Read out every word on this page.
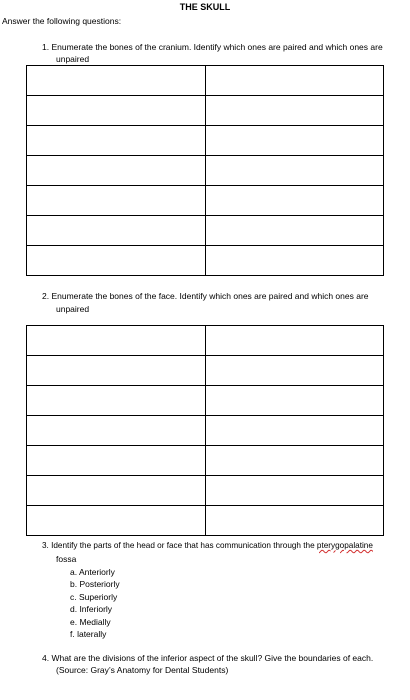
THE SKULL
Answer the following questions:
1. Enumerate the bones of the cranium. Identify which ones are paired and which ones are
unpaired

2. Enumerate the bones of the face. Identify which ones are paired and which ones are
unpaired

3. Identify the parts of the head or face that has communication through the pterygopalatine
fossa
a. Anteriorly
b. Posteriorly
c. Superiorly
d. Inferiorly
e. Medially
f. laterally
4. What are the divisions of the inferior aspect of the skull? Give the boundaries of each.
(Source: Gray’s Anatomy for Dental Students)
